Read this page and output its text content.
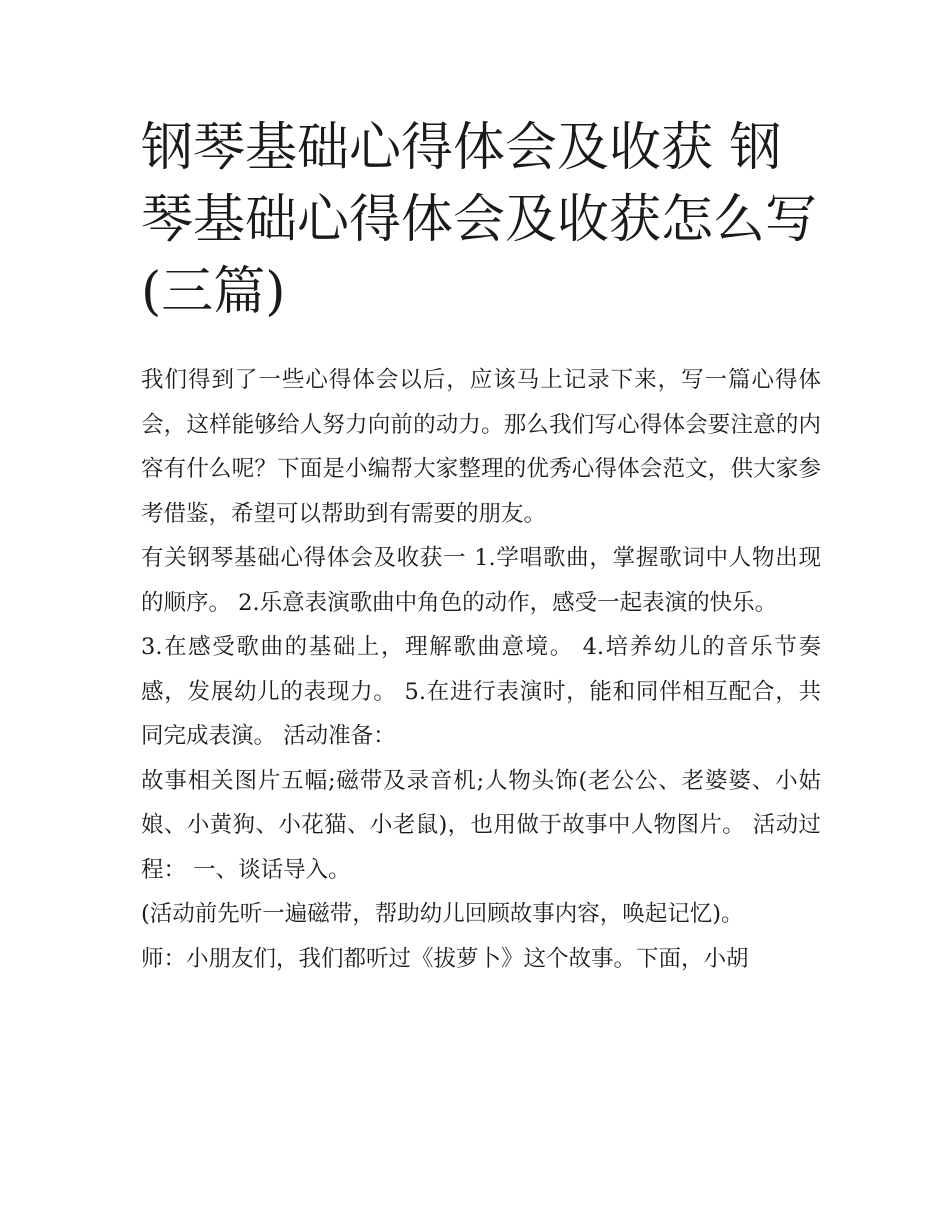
钢琴基础心得体会及收获 钢琴基础心得体会及收获怎么写(三篇)

我们得到了一些心得体会以后，应该马上记录下来，写一篇心得体会，这样能够给人努力向前的动力。那么我们写心得体会要注意的内容有什么呢？下面是小编帮大家整理的优秀心得体会范文，供大家参考借鉴，希望可以帮助到有需要的朋友。

有关钢琴基础心得体会及收获一 1.学唱歌曲，掌握歌词中人物出现的顺序。 2.乐意表演歌曲中角色的动作，感受一起表演的快乐。

3.在感受歌曲的基础上，理解歌曲意境。 4.培养幼儿的音乐节奏感，发展幼儿的表现力。 5.在进行表演时，能和同伴相互配合，共同完成表演。 活动准备：

故事相关图片五幅;磁带及录音机;人物头饰(老公公、老婆婆、小姑娘、小黄狗、小花猫、小老鼠)，也用做于故事中人物图片。 活动过程： 一、谈话导入。

(活动前先听一遍磁带，帮助幼儿回顾故事内容，唤起记忆)。

师：小朋友们，我们都听过《拔萝卜》这个故事。下面，小胡
